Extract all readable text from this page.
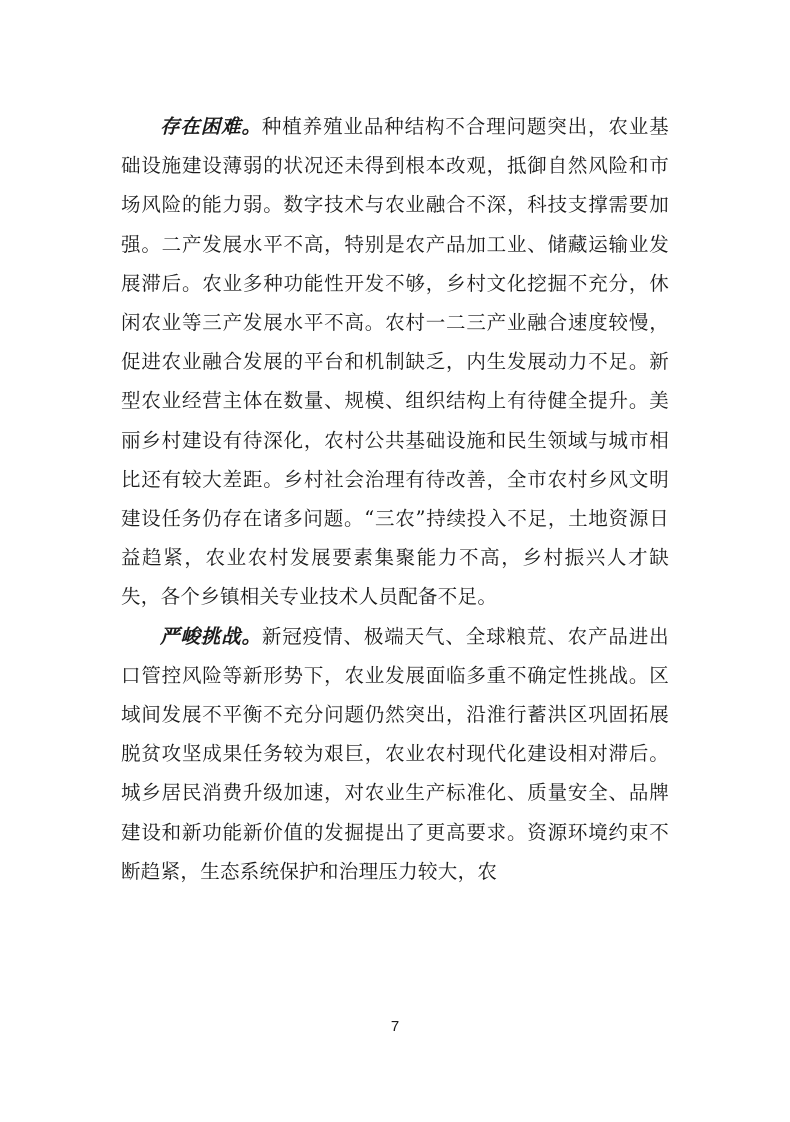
存在困难。种植养殖业品种结构不合理问题突出，农业基础设施建设薄弱的状况还未得到根本改观，抵御自然风险和市场风险的能力弱。数字技术与农业融合不深，科技支撑需要加强。二产发展水平不高，特别是农产品加工业、储藏运输业发展滞后。农业多种功能性开发不够，乡村文化挖掘不充分，休闲农业等三产发展水平不高。农村一二三产业融合速度较慢，促进农业融合发展的平台和机制缺乏，内生发展动力不足。新型农业经营主体在数量、规模、组织结构上有待健全提升。美丽乡村建设有待深化，农村公共基础设施和民生领域与城市相比还有较大差距。乡村社会治理有待改善，全市农村乡风文明建设任务仍存在诸多问题。“三农”持续投入不足，土地资源日益趋紧，农业农村发展要素集聚能力不高，乡村振兴人才缺失，各个乡镇相关专业技术人员配备不足。

严峻挑战。新冠疫情、极端天气、全球粮荒、农产品进出口管控风险等新形势下，农业发展面临多重不确定性挑战。区域间发展不平衡不充分问题仍然突出，沿淮行蓄洪区巩固拓展脱贫攻坚成果任务较为艰巨，农业农村现代化建设相对滞后。城乡居民消费升级加速，对农业生产标准化、质量安全、品牌建设和新功能新价值的发掘提出了更高要求。资源环境约束不断趋紧，生态系统保护和治理压力较大，农

7
